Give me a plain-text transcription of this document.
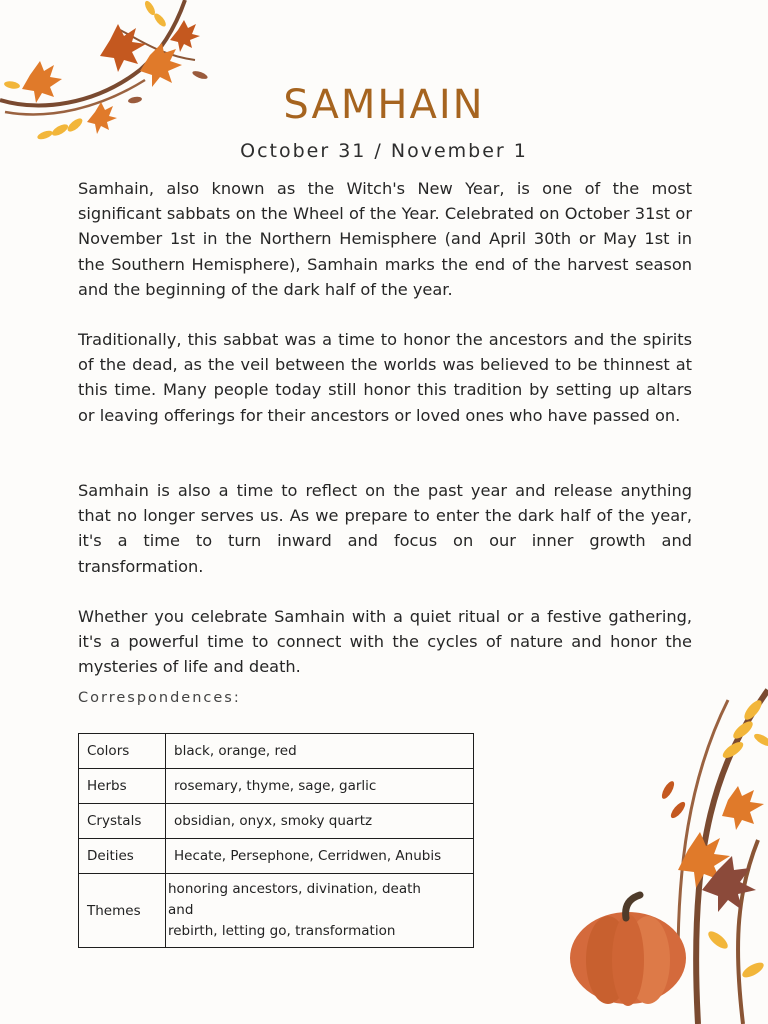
SAMHAIN
October 31 / November 1
Samhain, also known as the Witch's New Year, is one of the most significant sabbats on the Wheel of the Year. Celebrated on October 31st or November 1st in the Northern Hemisphere (and April 30th or May 1st in the Southern Hemisphere), Samhain marks the end of the harvest season and the beginning of the dark half of the year.
Traditionally, this sabbat was a time to honor the ancestors and the spirits of the dead, as the veil between the worlds was believed to be thinnest at this time. Many people today still honor this tradition by setting up altars or leaving offerings for their ancestors or loved ones who have passed on.
Samhain is also a time to reflect on the past year and release anything that no longer serves us. As we prepare to enter the dark half of the year, it's a time to turn inward and focus on our inner growth and transformation.
Whether you celebrate Samhain with a quiet ritual or a festive gathering, it's a powerful time to connect with the cycles of nature and honor the mysteries of life and death.
Correspondences:
Colors	black, orange, red
Herbs	rosemary, thyme, sage, garlic
Crystals	obsidian, onyx, smoky quartz
Deities	Hecate, Persephone, Cerridwen, Anubis
Themes	honoring ancestors, divination, death
and
rebirth, letting go, transformation
